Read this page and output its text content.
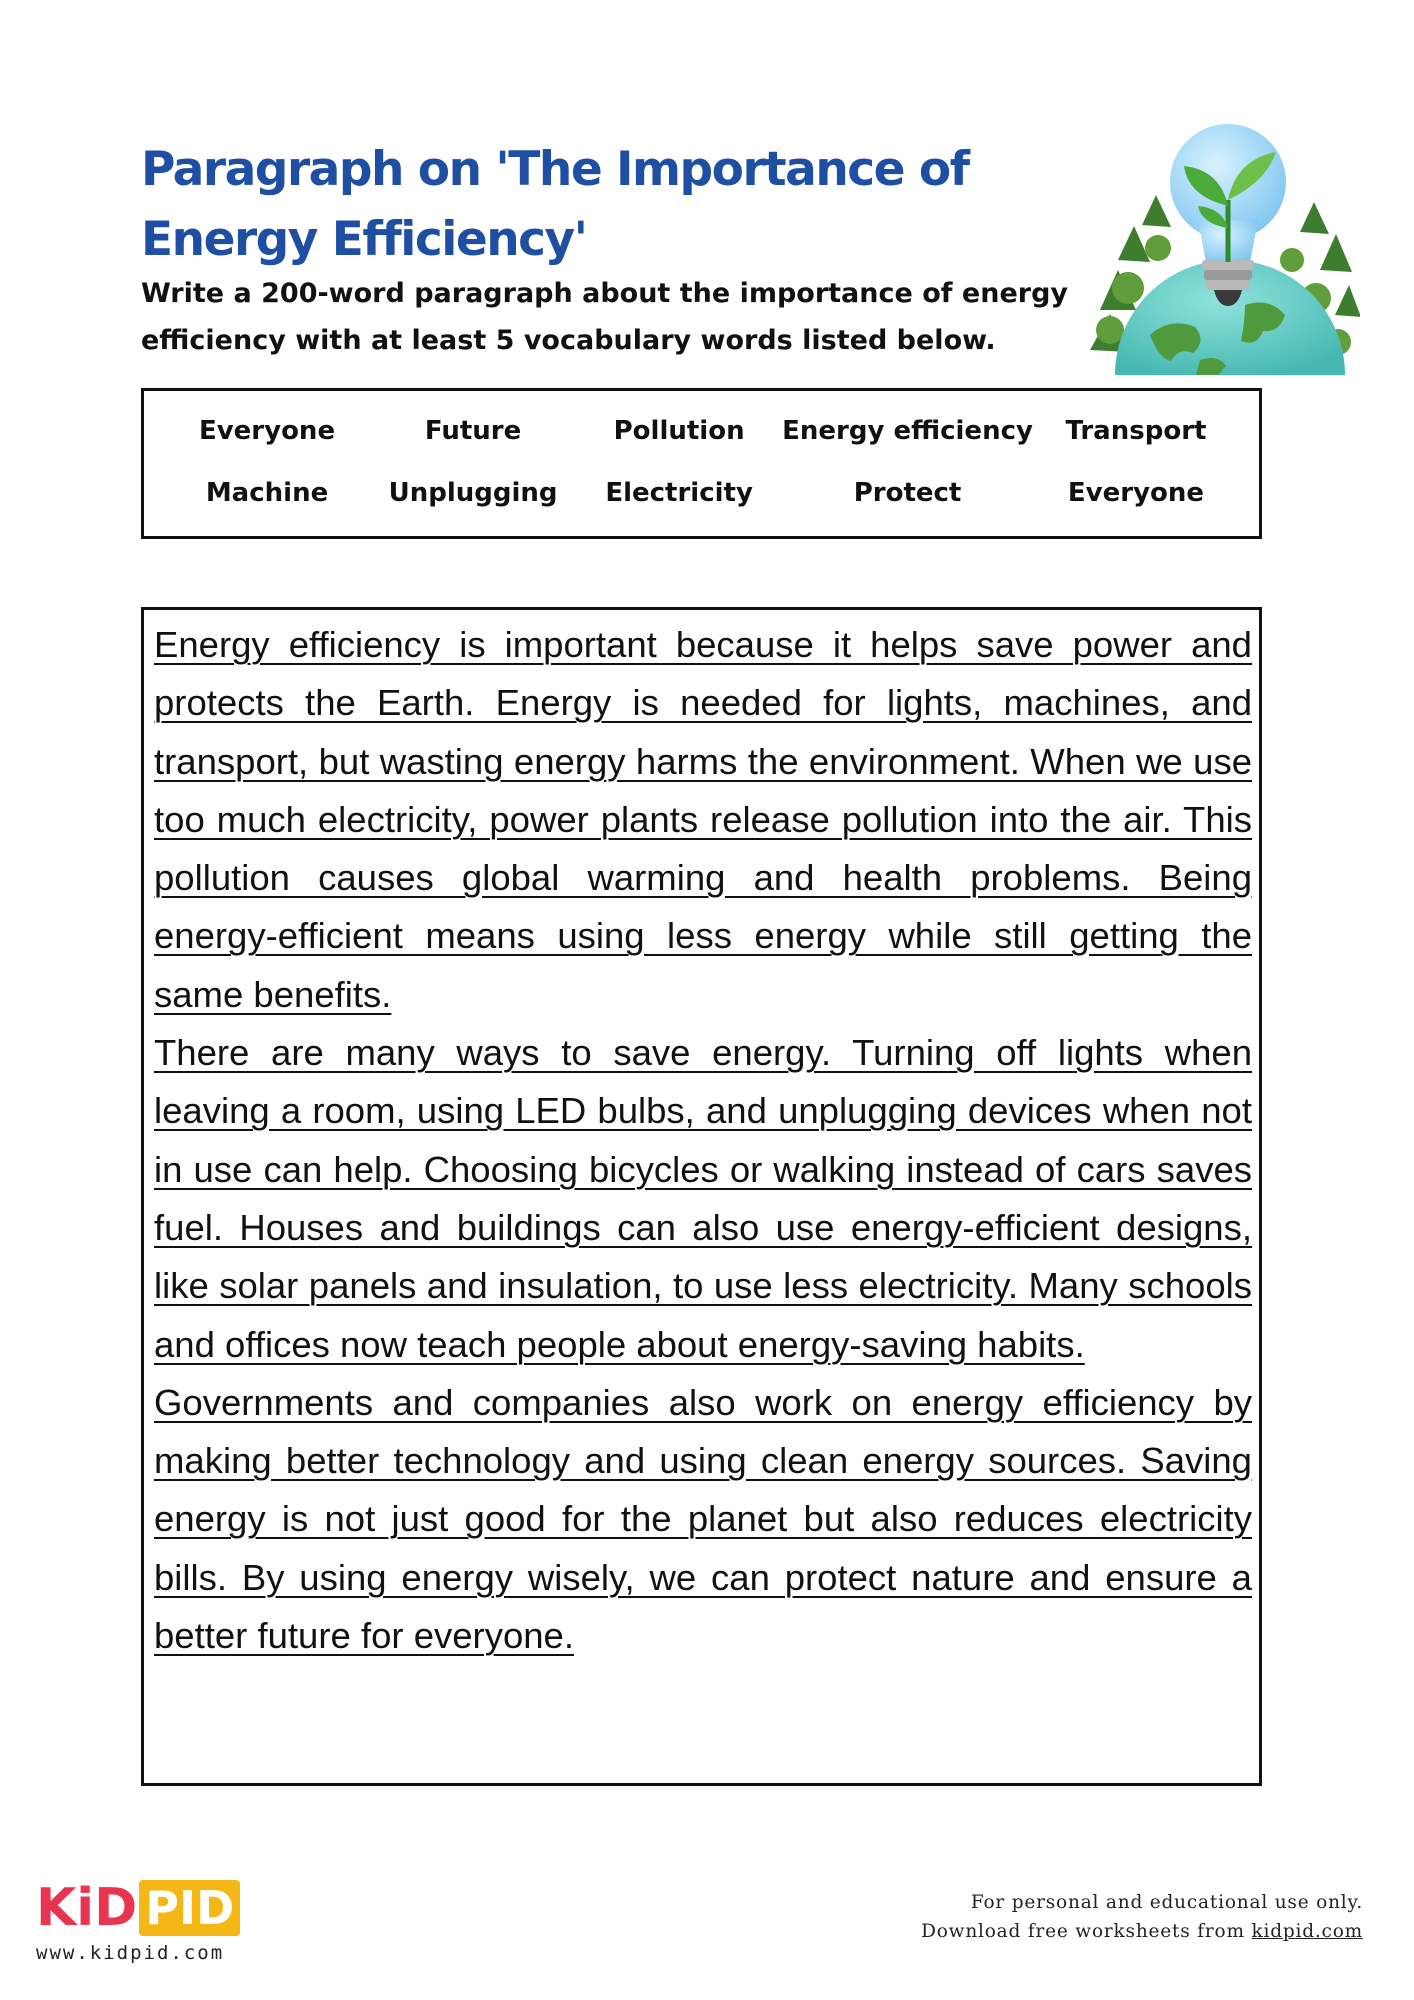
Paragraph on 'The Importance of Energy Efficiency'

Write a 200-word paragraph about the importance of energy efficiency with at least 5 vocabulary words listed below.

Everyone	Future	Pollution	Energy efficiency	Transport
Machine	Unplugging	Electricity	Protect	Everyone

Energy efficiency is important because it helps save power and protects the Earth. Energy is needed for lights, machines, and transport, but wasting energy harms the environment. When we use too much electricity, power plants release pollution into the air. This pollution causes global warming and health problems. Being energy-efficient means using less energy while still getting the same benefits.

There are many ways to save energy. Turning off lights when leaving a room, using LED bulbs, and unplugging devices when not in use can help. Choosing bicycles or walking instead of cars saves fuel. Houses and buildings can also use energy-efficient designs, like solar panels and insulation, to use less electricity. Many schools and offices now teach people about energy-saving habits.

Governments and companies also work on energy efficiency by making better technology and using clean energy sources. Saving energy is not just good for the planet but also reduces electricity bills. By using energy wisely, we can protect nature and ensure a better future for everyone.

KiD PID
www.kidpid.com
For personal and educational use only.
Download free worksheets from kidpid.com
